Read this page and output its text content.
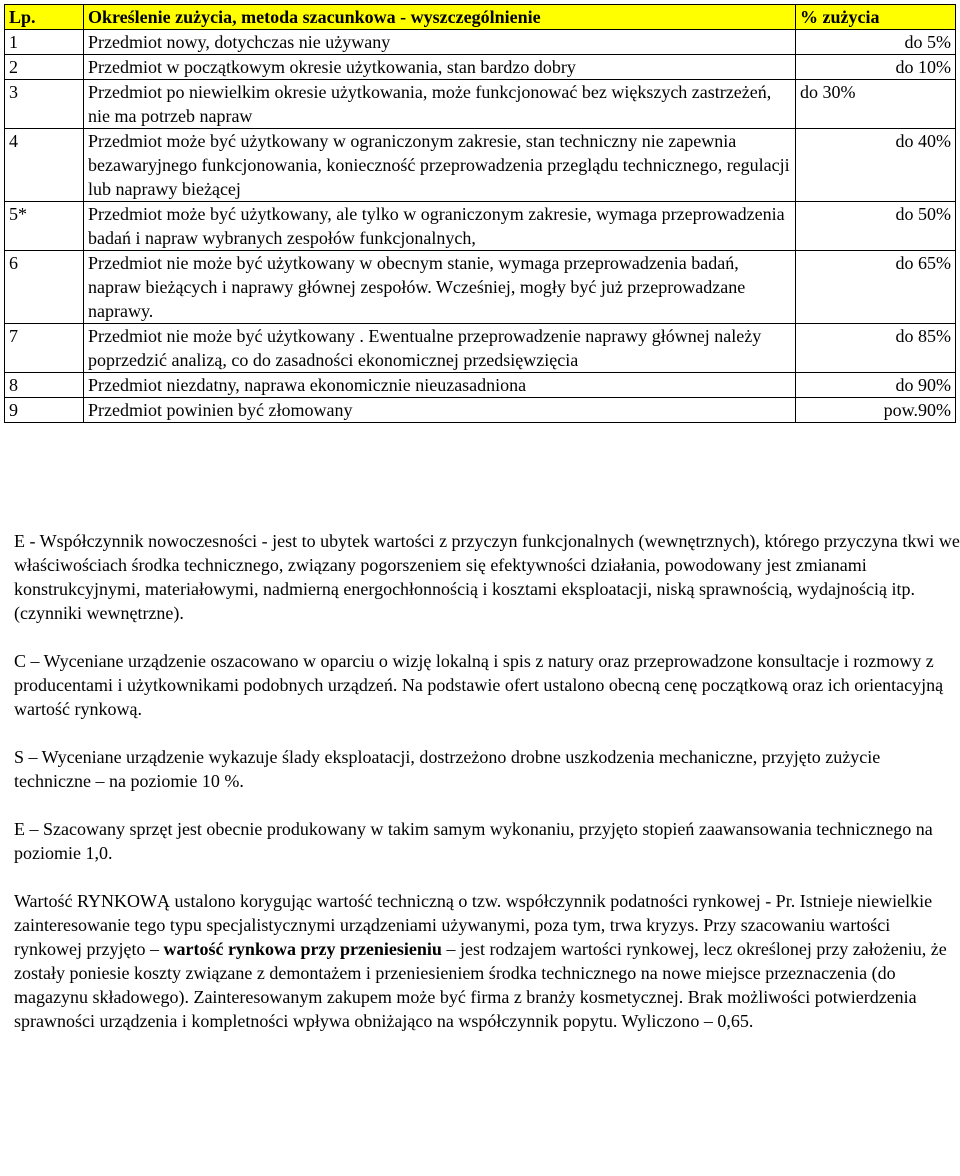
Lp.	Określenie zużycia, metoda szacunkowa - wyszczególnienie	% zużycia
1	Przedmiot nowy, dotychczas nie używany	do 5%
2	Przedmiot w początkowym okresie użytkowania, stan bardzo dobry	do 10%
3	Przedmiot po niewielkim okresie użytkowania, może funkcjonować bez większych zastrzeżeń, nie ma potrzeb napraw	do 30%
4	Przedmiot może być użytkowany w ograniczonym zakresie, stan techniczny nie zapewnia bezawaryjnego funkcjonowania, konieczność przeprowadzenia przeglądu technicznego, regulacji lub naprawy bieżącej	do 40%
5*	Przedmiot może być użytkowany, ale tylko w ograniczonym zakresie, wymaga przeprowadzenia badań i napraw wybranych zespołów funkcjonalnych,	do 50%
6	Przedmiot nie może być użytkowany w obecnym stanie, wymaga przeprowadzenia badań, napraw bieżących i naprawy głównej zespołów. Wcześniej, mogły być już przeprowadzane naprawy.	do 65%
7	Przedmiot nie może być użytkowany . Ewentualne przeprowadzenie naprawy głównej należy poprzedzić analizą, co do zasadności ekonomicznej przedsięwzięcia	do 85%
8	Przedmiot niezdatny, naprawa ekonomicznie nieuzasadniona	do 90%
9	Przedmiot powinien być złomowany	pow.90%

E - Współczynnik nowoczesności - jest to ubytek wartości z przyczyn funkcjonalnych (wewnętrznych), którego przyczyna tkwi we właściwościach środka technicznego, związany pogorszeniem się efektywności działania, powodowany jest zmianami konstrukcyjnymi, materiałowymi, nadmierną energochłonnością i kosztami eksploatacji, niską sprawnością, wydajnością itp. (czynniki wewnętrzne).

C – Wyceniane urządzenie oszacowano w oparciu o wizję lokalną i spis z natury oraz przeprowadzone konsultacje i rozmowy z producentami i użytkownikami podobnych urządzeń. Na podstawie ofert ustalono obecną cenę początkową oraz ich orientacyjną wartość rynkową.

S – Wyceniane urządzenie wykazuje ślady eksploatacji, dostrzeżono drobne uszkodzenia mechaniczne, przyjęto zużycie techniczne – na poziomie 10 %.

E – Szacowany sprzęt jest obecnie produkowany w takim samym wykonaniu, przyjęto stopień zaawansowania technicznego na poziomie 1,0.

Wartość RYNKOWĄ ustalono korygując wartość techniczną o tzw. współczynnik podatności rynkowej - Pr. Istnieje niewielkie zainteresowanie tego typu specjalistycznymi urządzeniami używanymi, poza tym, trwa kryzys. Przy szacowaniu wartości rynkowej przyjęto – wartość rynkowa przy przeniesieniu – jest rodzajem wartości rynkowej, lecz określonej przy założeniu, że zostały poniesie koszty związane z demontażem i przeniesieniem środka technicznego na nowe miejsce przeznaczenia (do magazynu składowego). Zainteresowanym zakupem może być firma z branży kosmetycznej. Brak możliwości potwierdzenia sprawności urządzenia i kompletności wpływa obniżająco na współczynnik popytu. Wyliczono – 0,65.
